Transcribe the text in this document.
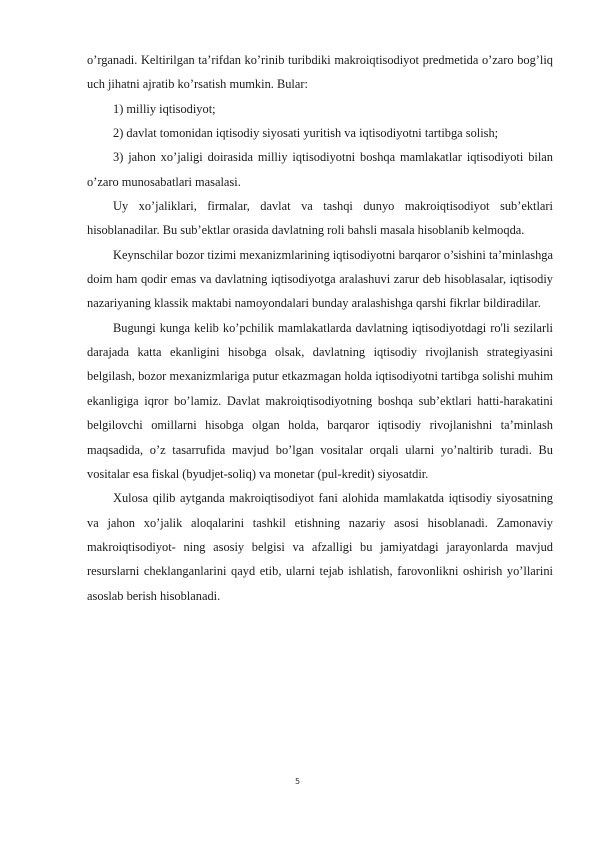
o’rganadi. Keltirilgan ta’rifdan ko’rinib turibdiki makroiqtisodiyot predmetida o’zaro bog’liq uch jihatni ajratib ko’rsatish mumkin. Bular:

1) milliy iqtisodiyot;

2) davlat tomonidan iqtisodiy siyosati yuritish va iqtisodiyotni tartibga solish;

3) jahon xo’jaligi doirasida milliy iqtisodiyotni boshqa mamlakatlar iqtisodiyoti bilan o’zaro munosabatlari masalasi.

Uy xo’jaliklari, firmalar, davlat va tashqi dunyo makroiqtisodiyot sub’ektlari hisoblanadilar. Bu sub’ektlar orasida davlatning roli bahsli masala hisoblanib kelmoqda.

Keynschilar bozor tizimi mexanizmlarining iqtisodiyotni barqaror o’sishini ta’minlashga doim ham qodir emas va davlatning iqtisodiyotga aralashuvi zarur deb hisoblasalar, iqtisodiy nazariyaning klassik maktabi namoyondalari bunday aralashishga qarshi fikrlar bildiradilar.

Bugungi kunga kelib ko’pchilik mamlakatlarda davlatning iqtisodiyotdagi ro'li sezilarli darajada katta ekanligini hisobga olsak, davlatning iqtisodiy rivojlanish strategiyasini belgilash, bozor mexanizmlariga putur etkazmagan holda iqtisodiyotni tartibga solishi muhim ekanligiga iqror bo’lamiz. Davlat makroiqtisodiyotning boshqa sub’ektlari hatti-harakatini belgilovchi omillarni hisobga olgan holda, barqaror iqtisodiy rivojlanishni ta’minlash maqsadida, o’z tasarrufida mavjud bo’lgan vositalar orqali ularni yo’naltirib turadi. Bu vositalar esa fiskal (byudjet-soliq) va monetar (pul-kredit) siyosatdir.

Xulosa qilib aytganda makroiqtisodiyot fani alohida mamlakatda iqtisodiy siyosatning va jahon xo’jalik aloqalarini tashkil etishning nazariy asosi hisoblanadi. Zamonaviy makroiqtisodiyot- ning asosiy belgisi va afzalligi bu jamiyatdagi jarayonlarda mavjud resurslarni cheklanganlarini qayd etib, ularni tejab ishlatish, farovonlikni oshirish yo’llarini asoslab berish hisoblanadi.

5
